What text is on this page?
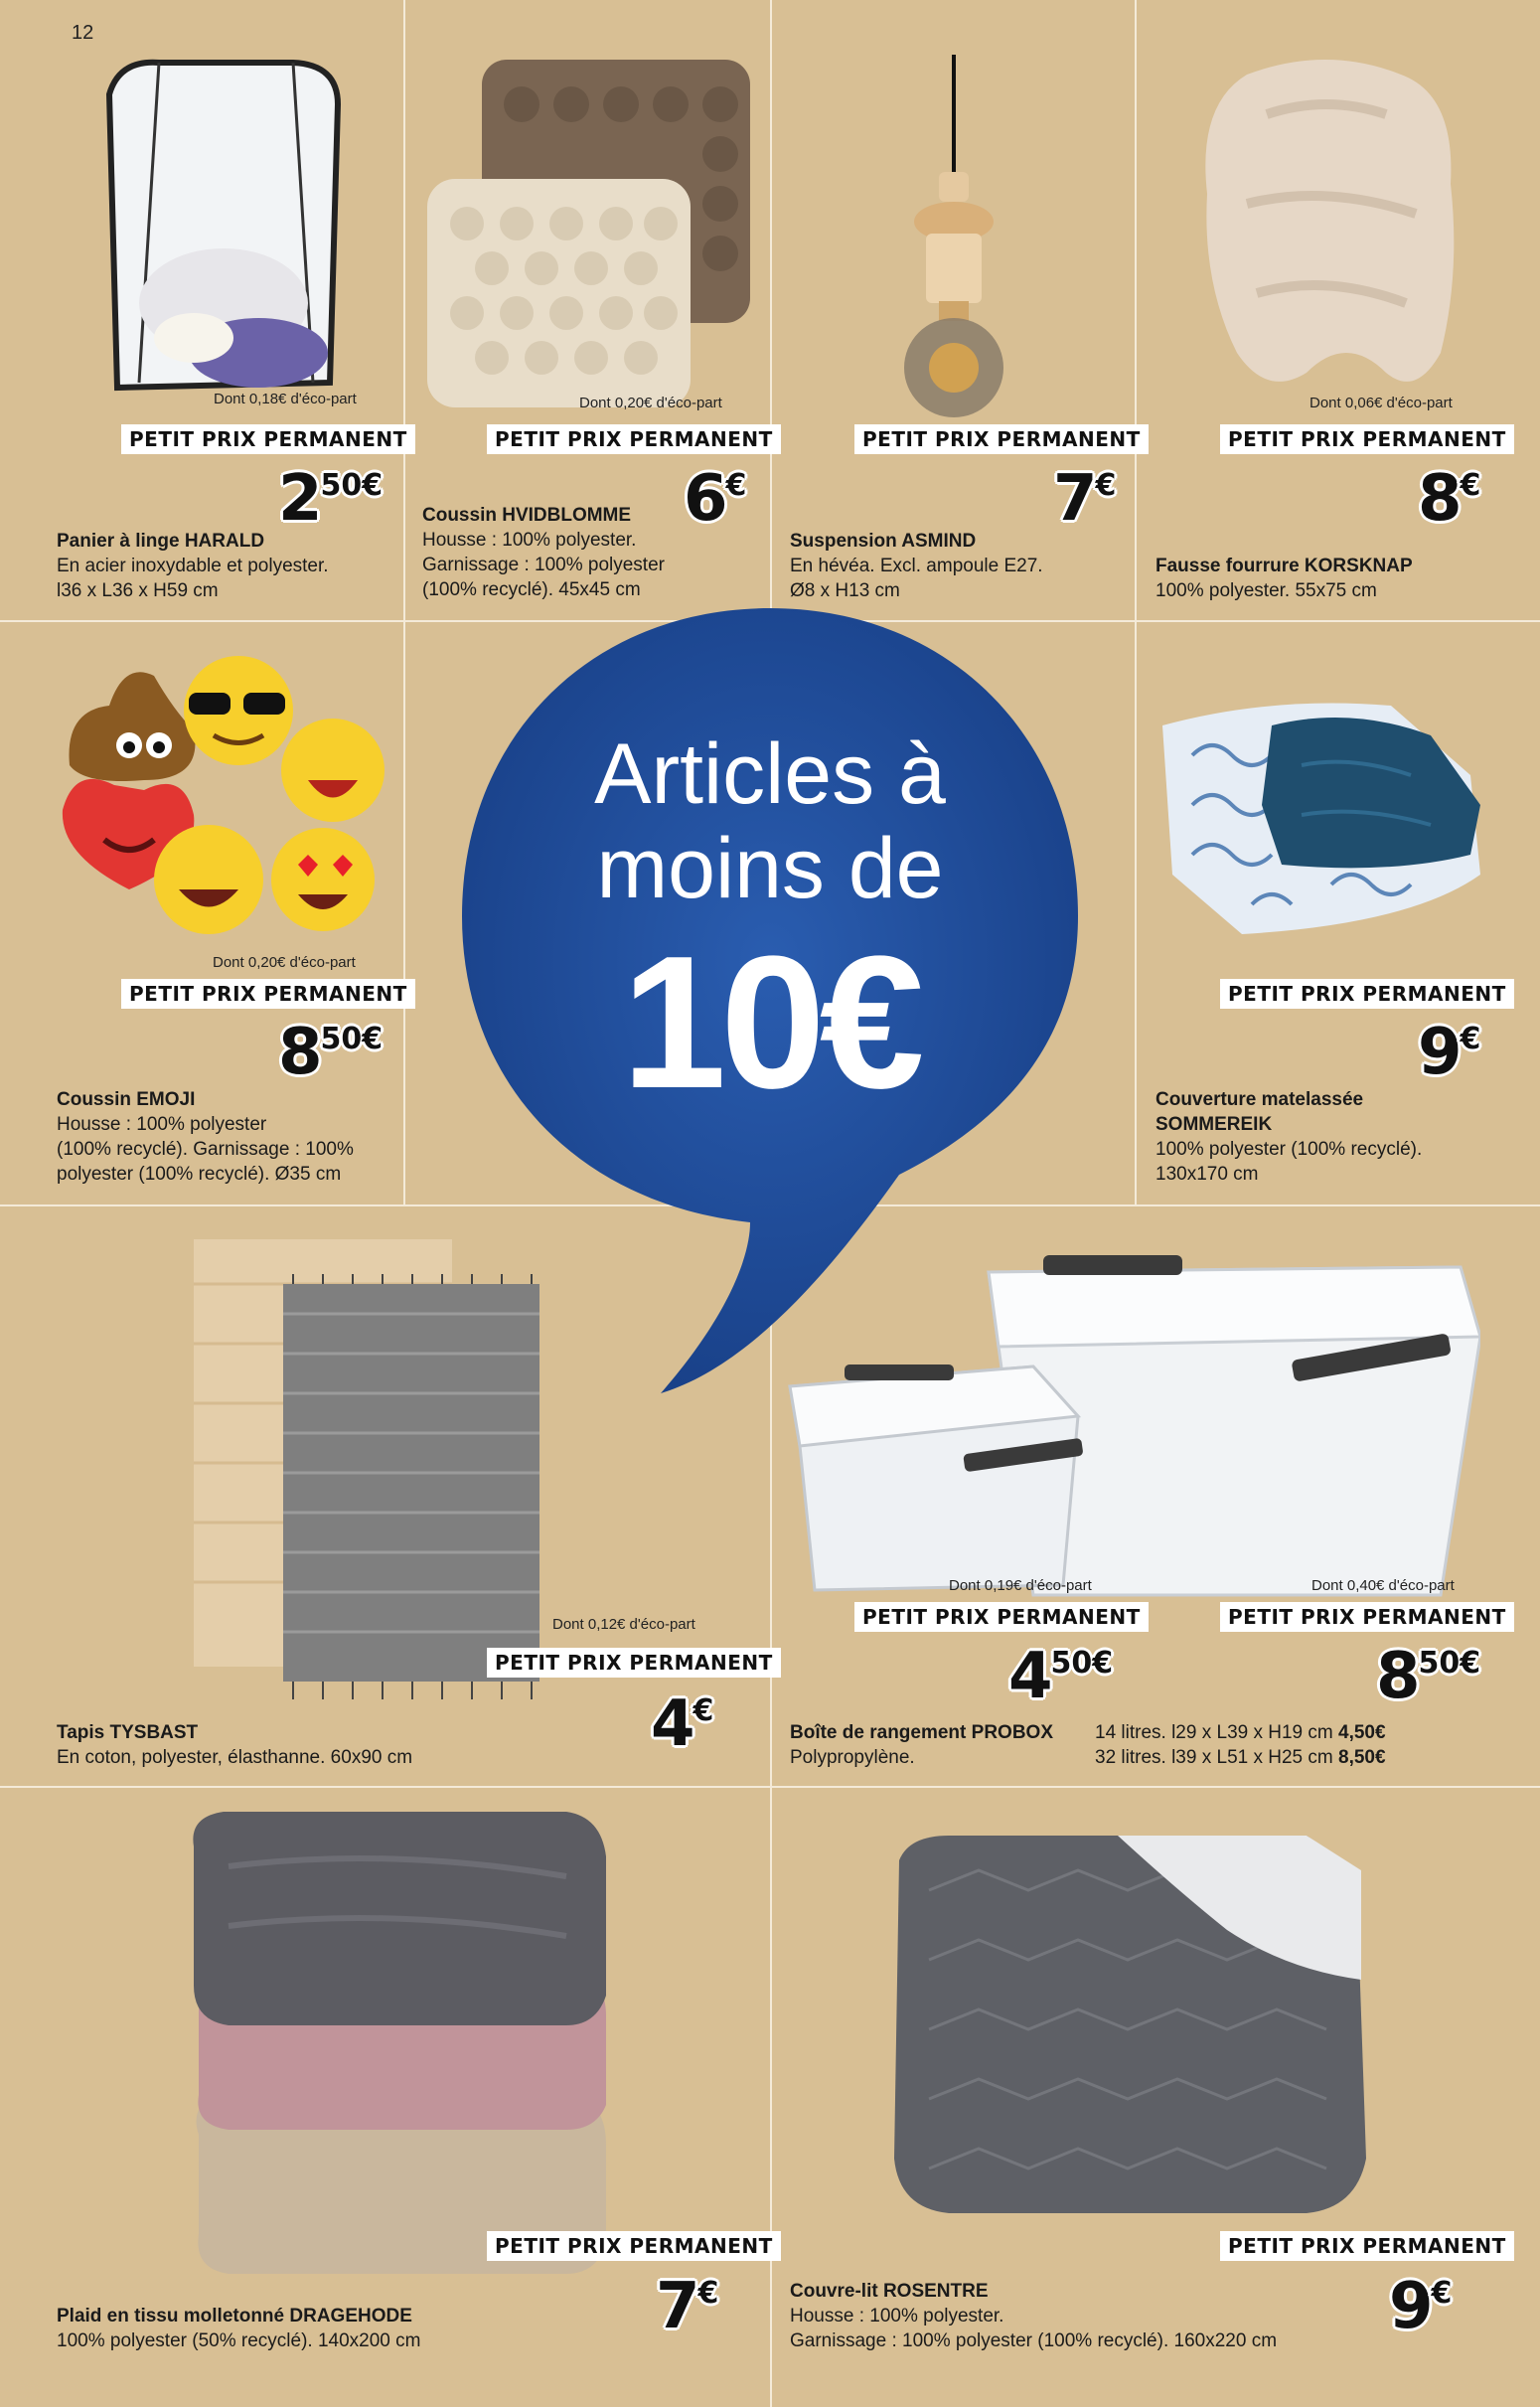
12
Dont 0,18€ d'éco-part
PETIT PRIX PERMANENT
250€
Panier à linge HARALD
En acier inoxydable et polyester.
l36 x L36 x H59 cm
Dont 0,20€ d'éco-part
PETIT PRIX PERMANENT
6€
Coussin HVIDBLOMME
Housse : 100% polyester.
Garnissage : 100% polyester
(100% recyclé). 45x45 cm
PETIT PRIX PERMANENT
7€
Suspension ASMIND
En hévéa. Excl. ampoule E27.
Ø8 x H13 cm
Dont 0,06€ d'éco-part
PETIT PRIX PERMANENT
8€
Fausse fourrure KORSKNAP
100% polyester. 55x75 cm
Dont 0,20€ d'éco-part
PETIT PRIX PERMANENT
850€
Coussin EMOJI
Housse : 100% polyester
(100% recyclé). Garnissage : 100%
polyester (100% recyclé). Ø35 cm
Articles à
moins de
10€	PETIT PRIX PERMANENT
9€
Couverture matelassée
SOMMEREIK
100% polyester (100% recyclé).
130x170 cm
Dont 0,12€ d'éco-part
PETIT PRIX PERMANENT
4€
Tapis TYSBAST
En coton, polyester, élasthanne. 60x90 cm
Dont 0,19€ d'éco-part	Dont 0,40€ d'éco-part
PETIT PRIX PERMANENT	PETIT PRIX PERMANENT
450€	850€
Boîte de rangement PROBOX
Polypropylène.
14 litres. l29 x L39 x H19 cm 4,50€
32 litres. l39 x L51 x H25 cm 8,50€
PETIT PRIX PERMANENT
7€
Plaid en tissu molletonné DRAGEHODE
100% polyester (50% recyclé). 140x200 cm
PETIT PRIX PERMANENT
9€
Couvre-lit ROSENTRE
Housse : 100% polyester.
Garnissage : 100% polyester (100% recyclé). 160x220 cm
